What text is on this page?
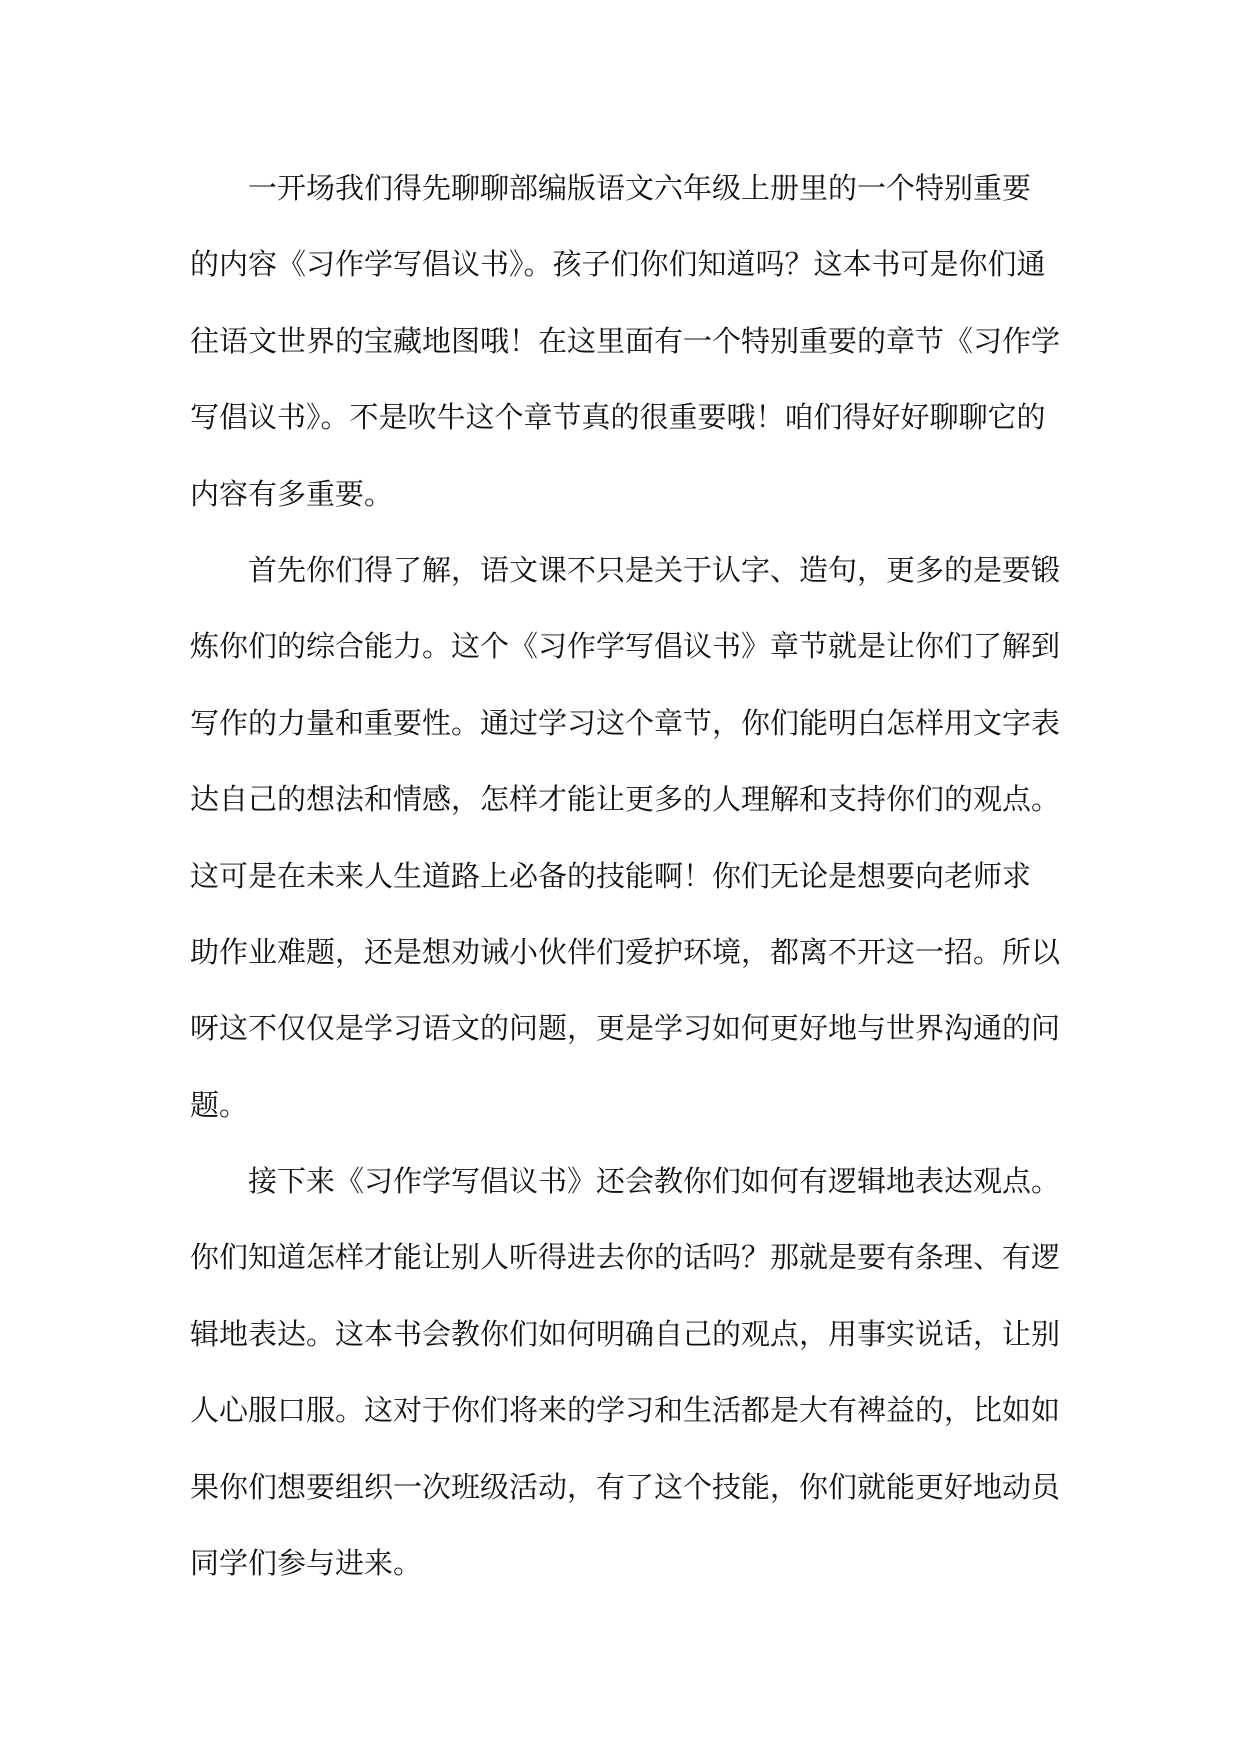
一开场我们得先聊聊部编版语文六年级上册里的一个特别重要
的内容《习作学写倡议书》。孩子们你们知道吗？这本书可是你们通
往语文世界的宝藏地图哦！在这里面有一个特别重要的章节《习作学
写倡议书》。不是吹牛这个章节真的很重要哦！咱们得好好聊聊它的
内容有多重要。
首先你们得了解，语文课不只是关于认字、造句，更多的是要锻
炼你们的综合能力。这个《习作学写倡议书》章节就是让你们了解到
写作的力量和重要性。通过学习这个章节，你们能明白怎样用文字表
达自己的想法和情感，怎样才能让更多的人理解和支持你们的观点。
这可是在未来人生道路上必备的技能啊！你们无论是想要向老师求
助作业难题，还是想劝诫小伙伴们爱护环境，都离不开这一招。所以
呀这不仅仅是学习语文的问题，更是学习如何更好地与世界沟通的问
题。
接下来《习作学写倡议书》还会教你们如何有逻辑地表达观点。
你们知道怎样才能让别人听得进去你的话吗？那就是要有条理、有逻
辑地表达。这本书会教你们如何明确自己的观点，用事实说话，让别
人心服口服。这对于你们将来的学习和生活都是大有裨益的，比如如
果你们想要组织一次班级活动，有了这个技能，你们就能更好地动员
同学们参与进来。
